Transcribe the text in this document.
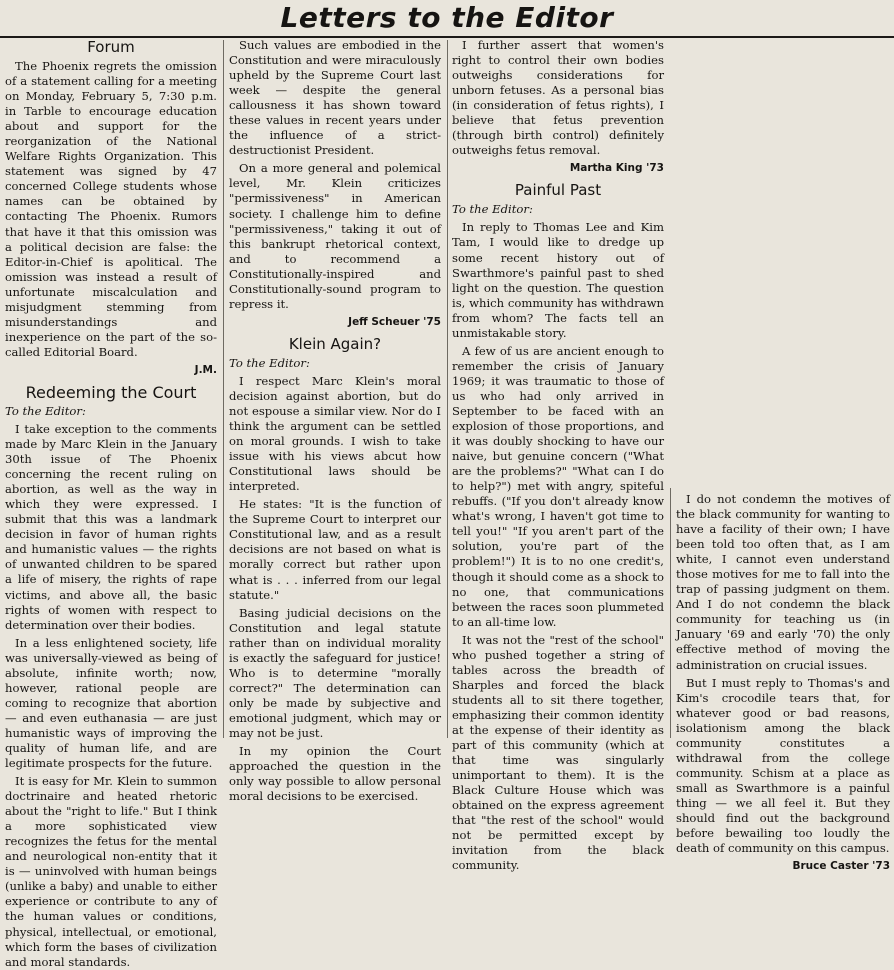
Letters to the Editor
Forum

The Phoenix regrets the omission of a statement calling for a meeting on Monday, February 5, 7:30 p.m. in Tarble to encourage education about and support for the reorganization of the National Welfare Rights Organization. This statement was signed by 47 concerned College students whose names can be obtained by contacting The Phoenix. Rumors that have it that this omission was a political decision are false: the Editor-in-Chief is apolitical. The omission was instead a result of unfortunate miscalculation and misjudgment stemming from misunderstandings and inexperience on the part of the so-called Editorial Board.

J.M.
Redeeming the Court

To the Editor:

I take exception to the comments made by Marc Klein in the January 30th issue of The Phoenix concerning the recent ruling on abortion, as well as the way in which they were expressed. I submit that this was a landmark decision in favor of human rights and humanistic values — the rights of unwanted children to be spared a life of misery, the rights of rape victims, and above all, the basic rights of women with respect to determination over their bodies.

In a less enlightened society, life was universally-viewed as being of absolute, infinite worth; now, however, rational people are coming to recognize that abortion — and even euthanasia — are just humanistic ways of improving the quality of human life, and are legitimate prospects for the future.

It is easy for Mr. Klein to summon doctrinaire and heated rhetoric about the "right to life." But I think a more sophisticated view recognizes the fetus for the mental and neurological non-entity that it is — uninvolved with human beings (unlike a baby) and unable to either experience or contribute to any of the human values or conditions, physical, intellectual, or emotional, which form the bases of civilization and moral standards.

Such values are embodied in the Constitution and were miraculously upheld by the Supreme Court last week — despite the general callousness it has shown toward these values in recent years under the influence of a strict-destructionist President.

On a more general and polemical level, Mr. Klein criticizes "permissiveness" in American society. I challenge him to define "permissiveness," taking it out of this bankrupt rhetorical context, and to recommend a Constitutionally-inspired and Constitutionally-sound program to repress it.

Jeff Scheuer '75
Klein Again?

To the Editor:

I respect Marc Klein's moral decision against abortion, but do not espouse a similar view. Nor do I think the argument can be settled on moral grounds. I wish to take issue with his views abcut how Constitutional laws should be interpreted.

He states: "It is the function of the Supreme Court to interpret our Constitutional law, and as a result decisions are not based on what is morally correct but rather upon what is . . . inferred from our legal statute."

Basing judicial decisions on the Constitution and legal statute rather than on individual morality is exactly the safeguard for justice! Who is to determine "morally correct?" The determination can only be made by subjective and emotional judgment, which may or may not be just.

In my opinion the Court approached the question in the only way possible to allow personal moral decisions to be exercised.

I further assert that women's right to control their own bodies outweighs considerations for unborn fetuses. As a personal bias (in consideration of fetus rights), I believe that fetus prevention (through birth control) definitely outweighs fetus removal.

Martha King '73
Painful Past

To the Editor:

In reply to Thomas Lee and Kim Tam, I would like to dredge up some recent history out of Swarthmore's painful past to shed light on the question. The question is, which community has withdrawn from whom? The facts tell an unmistakable story.

A few of us are ancient enough to remember the crisis of January 1969; it was traumatic to those of us who had only arrived in September to be faced with an explosion of those proportions, and it was doubly shocking to have our naive, but genuine concern ("What are the problems?" "What can I do to help?") met with angry, spiteful rebuffs. ("If you don't already know what's wrong, I haven't got time to tell you!" "If you aren't part of the solution, you're part of the problem!") It is to no one credit's, though it should come as a shock to no one, that communications between the races soon plummeted to an all-time low.

It was not the "rest of the school" who pushed together a string of tables across the breadth of Sharples and forced the black students all to sit there together, emphasizing their common identity at the expense of their identity as part of this community (which at that time was singularly unimportant to them). It is the Black Culture House which was obtained on the express agreement that "the rest of the school" would not be permitted except by invitation from the black community.

I do not condemn the motives of the black community for wanting to have a facility of their own; I have been told too often that, as I am white, I cannot even understand those motives for me to fall into the trap of passing judgment on them. And I do not condemn the black community for teaching us (in January '69 and early '70) the only effective method of moving the administration on crucial issues.

But I must reply to Thomas's and Kim's crocodile tears that, for whatever good or bad reasons, isolationism among the black community constitutes a withdrawal from the college community. Schism at a place as small as Swarthmore is a painful thing — we all feel it. But they should find out the background before bewailing too loudly the death of community on this campus.

Bruce Caster '73
